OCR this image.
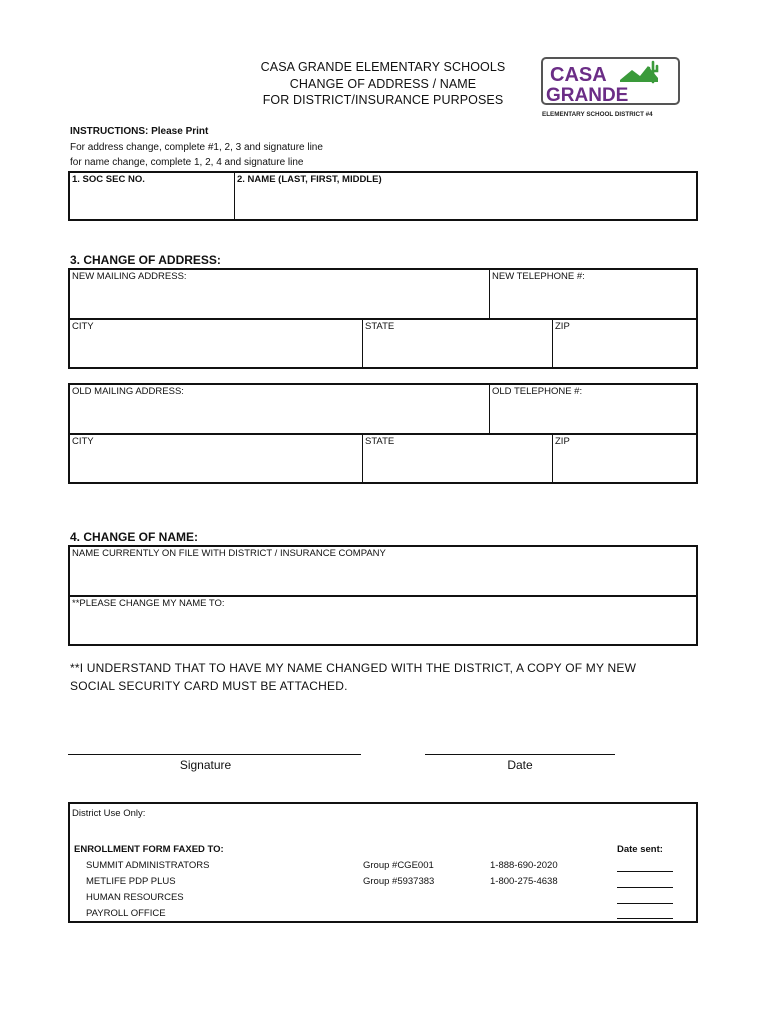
CASA GRANDE ELEMENTARY SCHOOLS
CHANGE OF ADDRESS / NAME
FOR DISTRICT/INSURANCE PURPOSES
CASA
GRANDE
ELEMENTARY SCHOOL DISTRICT #4
INSTRUCTIONS: Please Print
For address change, complete #1, 2, 3 and signature line
for name change, complete 1, 2, 4 and signature line
1. SOC SEC NO.	2. NAME (LAST, FIRST, MIDDLE)
3. CHANGE OF ADDRESS:
NEW MAILING ADDRESS:	NEW TELEPHONE #:
CITY	STATE	ZIP
OLD MAILING ADDRESS:	OLD TELEPHONE #:
CITY	STATE	ZIP
4. CHANGE OF NAME:
NAME CURRENTLY ON FILE WITH DISTRICT / INSURANCE COMPANY
**PLEASE CHANGE MY NAME TO:
**I UNDERSTAND THAT TO HAVE MY NAME CHANGED WITH THE DISTRICT, A COPY OF MY NEW
SOCIAL SECURITY CARD MUST BE ATTACHED.
Signature	Date
District Use Only:
ENROLLMENT FORM FAXED TO:	Date sent:
SUMMIT ADMINISTRATORS	Group #CGE001	1-888-690-2020
METLIFE PDP PLUS	Group #5937383	1-800-275-4638
HUMAN RESOURCES
PAYROLL OFFICE
